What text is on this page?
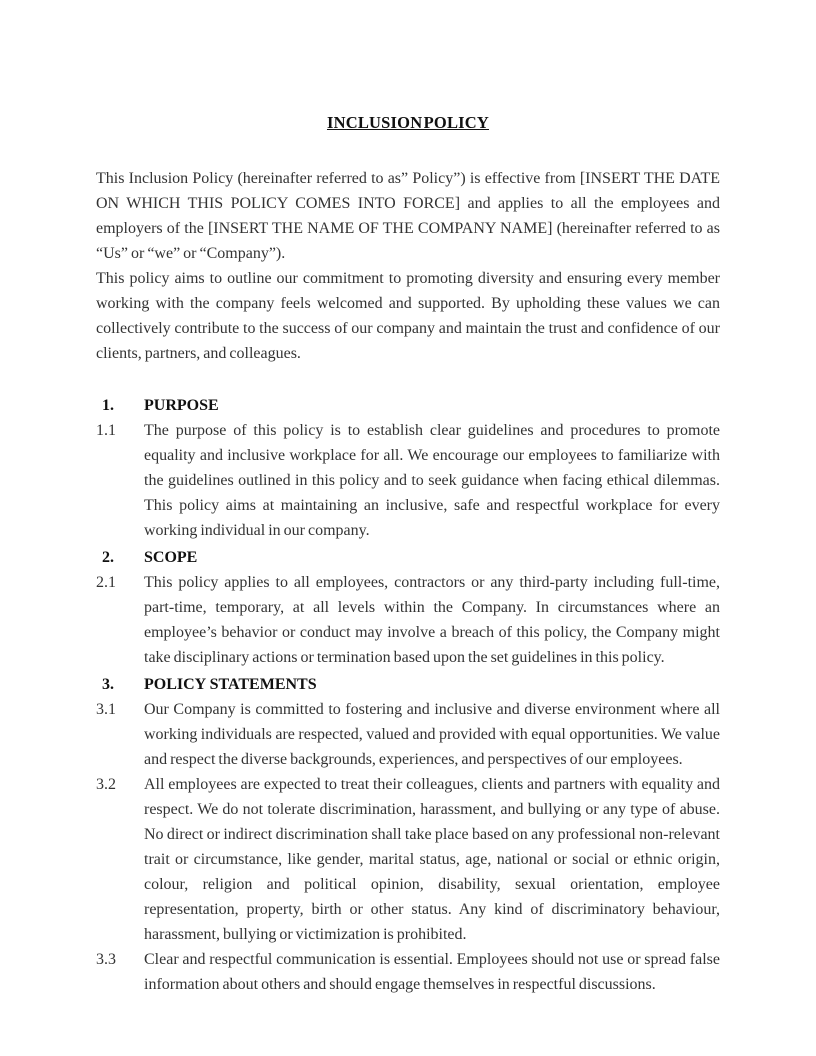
INCLUSION POLICY

This Inclusion Policy (hereinafter referred to as” Policy”) is effective from [INSERT THE DATE ON WHICH THIS POLICY COMES INTO FORCE] and applies to all the employees and employers of the [INSERT THE NAME OF THE COMPANY NAME] (hereinafter referred to as “Us” or “we” or “Company”).

This policy aims to outline our commitment to promoting diversity and ensuring every member working with the company feels welcomed and supported. By upholding these values we can collectively contribute to the success of our company and maintain the trust and confidence of our clients, partners, and colleagues.

1.	PURPOSE
1.1	The purpose of this policy is to establish clear guidelines and procedures to promote equality and inclusive workplace for all. We encourage our employees to familiarize with the guidelines outlined in this policy and to seek guidance when facing ethical dilemmas. This policy aims at maintaining an inclusive, safe and respectful workplace for every working individual in our company.

2.	SCOPE
2.1	This policy applies to all employees, contractors or any third-party including full-time, part-time, temporary, at all levels within the Company. In circumstances where an employee’s behavior or conduct may involve a breach of this policy, the Company might take disciplinary actions or termination based upon the set guidelines in this policy.

3.	POLICY STATEMENTS
3.1	Our Company is committed to fostering and inclusive and diverse environment where all working individuals are respected, valued and provided with equal opportunities. We value and respect the diverse backgrounds, experiences, and perspectives of our employees.

3.2	All employees are expected to treat their colleagues, clients and partners with equality and respect. We do not tolerate discrimination, harassment, and bullying or any type of abuse. No direct or indirect discrimination shall take place based on any professional non-relevant trait or circumstance, like gender, marital status, age, national or social or ethnic origin, colour, religion and political opinion, disability, sexual orientation, employee representation, property, birth or other status. Any kind of discriminatory behaviour, harassment, bullying or victimization is prohibited.

3.3	Clear and respectful communication is essential. Employees should not use or spread false information about others and should engage themselves in respectful discussions.
